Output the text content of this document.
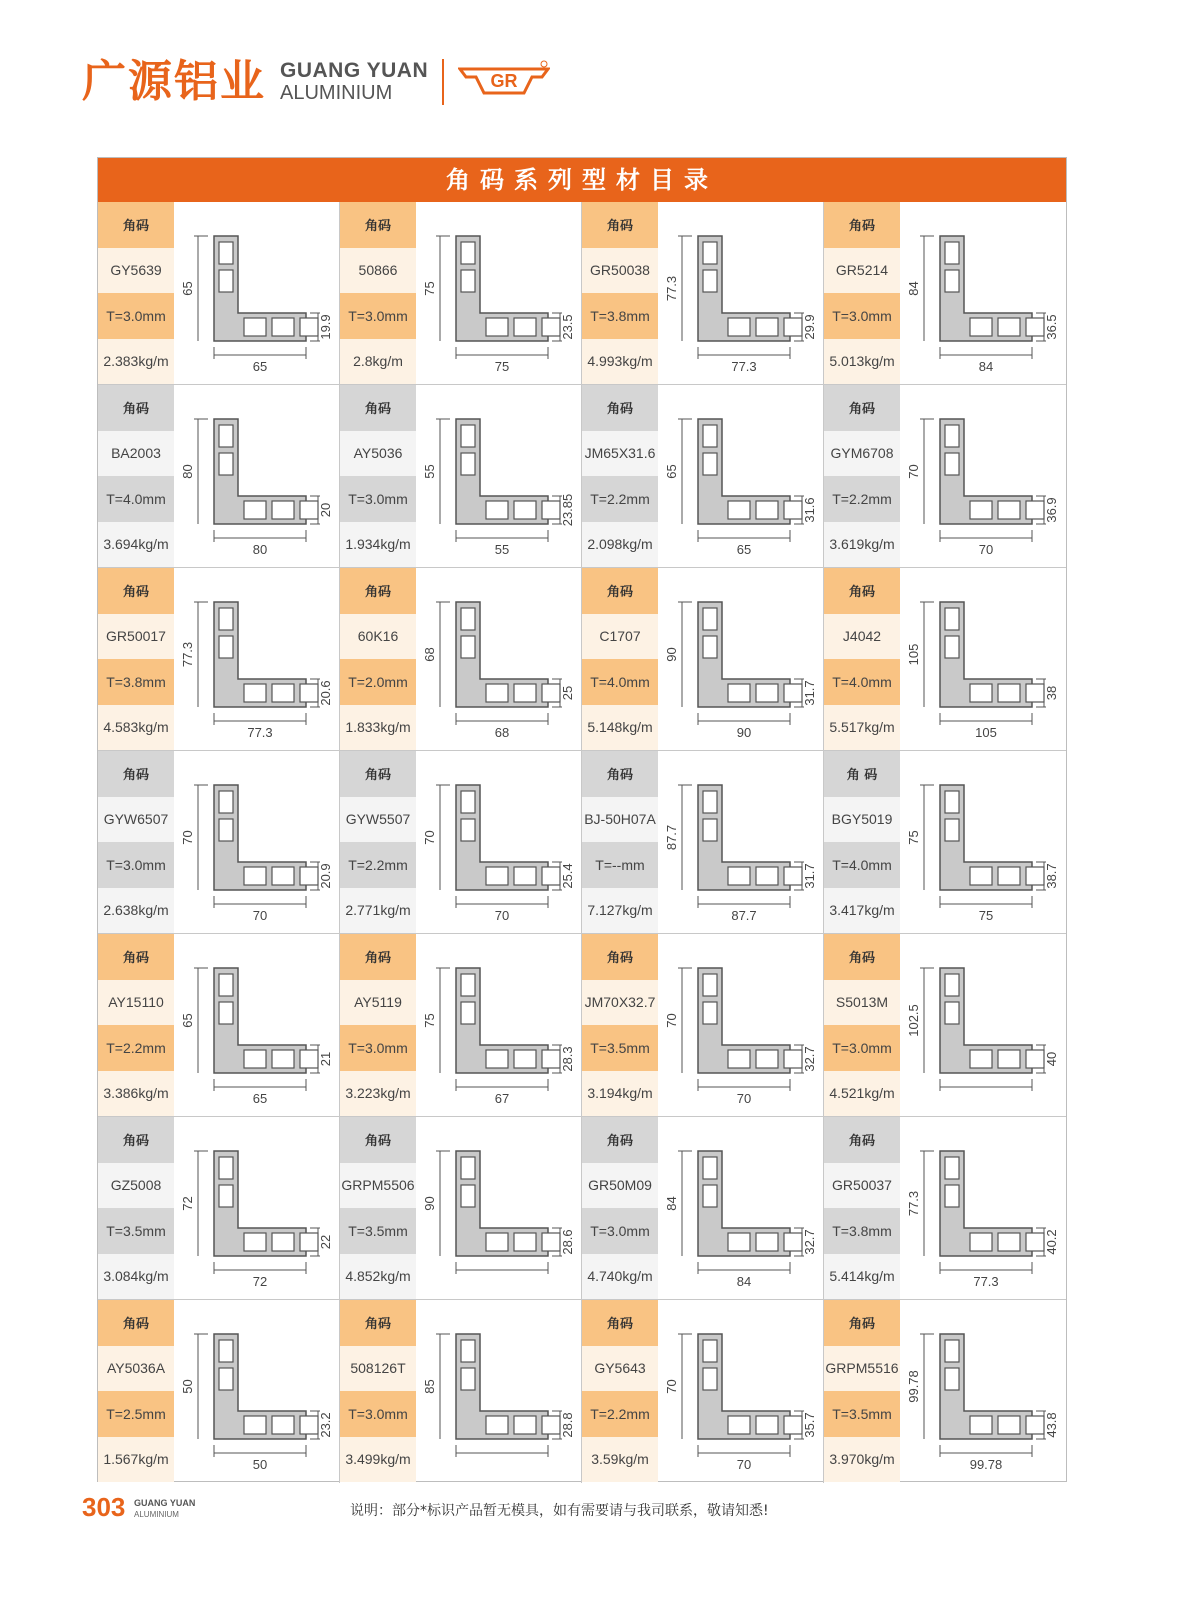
广源铝业 GUANG YUAN
ALUMINIUM
GR
角码系列型材目录
角码
GY5639
T=3.0mm
2.383kg/m	65
65
19.9
角码
50866
T=3.0mm
2.8kg/m	75
75
23.5
角码
GR50038
T=3.8mm
4.993kg/m	77.3
77.3
29.9
角码
GR5214
T=3.0mm
5.013kg/m	84
84
36.5
角码
BA2003
T=4.0mm
3.694kg/m	80
80
20
角码
AY5036
T=3.0mm
1.934kg/m	55
55
23.85
角码
JM65X31.6
T=2.2mm
2.098kg/m	65
65
31.6
角码
GYM6708
T=2.2mm
3.619kg/m	70
70
36.9
角码
GR50017
T=3.8mm
4.583kg/m	77.3
77.3
20.6
角码
60K16
T=2.0mm
1.833kg/m	68
68
25
角码
C1707
T=4.0mm
5.148kg/m	90
90
31.7
角码
J4042
T=4.0mm
5.517kg/m	105
105
38
角码
GYW6507
T=3.0mm
2.638kg/m	70
70
20.9
角码
GYW5507
T=2.2mm
2.771kg/m	70
70
25.4
角码
BJ-50H07A
T=--mm
7.127kg/m	87.7
87.7
31.7
角 码
BGY5019
T=4.0mm
3.417kg/m	75
75
38.7
角码
AY15110
T=2.2mm
3.386kg/m	65
65
21
角码
AY5119
T=3.0mm
3.223kg/m	67
75
28.3
角码
JM70X32.7
T=3.5mm
3.194kg/m	70
70
32.7
角码
S5013M
T=3.0mm
4.521kg/m
102.5
40
角码
GZ5008
T=3.5mm
3.084kg/m	72
72
22
角码
GRPM5506
T=3.5mm
4.852kg/m
90
28.6
角码
GR50M09
T=3.0mm
4.740kg/m	84
84
32.7
角码
GR50037
T=3.8mm
5.414kg/m	77.3
77.3
40.2
角码
AY5036A
T=2.5mm
1.567kg/m	50
50
23.2
角码
508126T
T=3.0mm
3.499kg/m
85
28.8
角码
GY5643
T=2.2mm
3.59kg/m	70
70
35.7
角码
GRPM5516
T=3.5mm
3.970kg/m	99.78
99.78
43.8
303 GUANG YUAN
ALUMINIUM	说明：部分*标识产品暂无模具，如有需要请与我司联系，敬请知悉!
